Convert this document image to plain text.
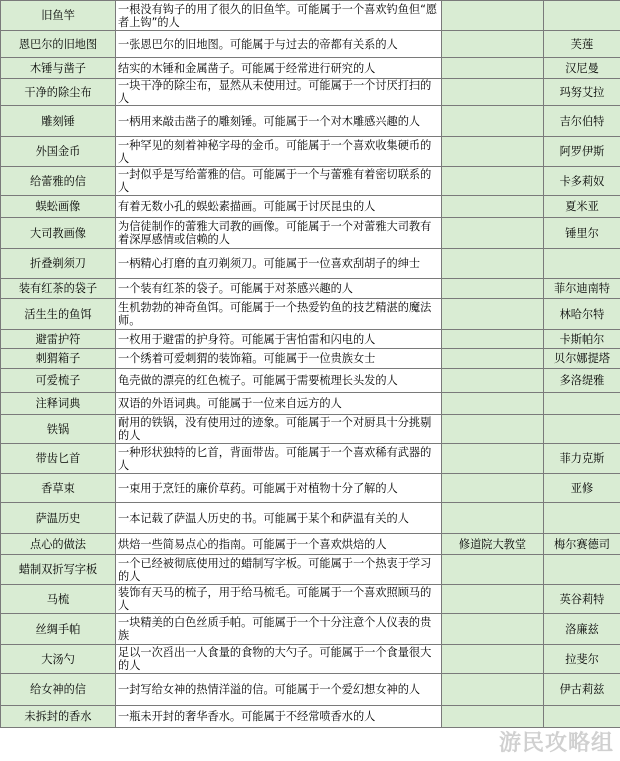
旧鱼竿	一根没有钩子的用了很久的旧鱼竿。可能属于一个喜欢钓鱼但“愿者上钩”的人		
恩巴尔的旧地图	一张恩巴尔的旧地图。可能属于与过去的帝都有关系的人		芙莲
木锤与凿子	结实的木锤和金属凿子。可能属于经常进行研究的人		汉尼曼
干净的除尘布	一块干净的除尘布，显然从未使用过。可能属于一个讨厌打扫的人		玛努艾拉
雕刻锤	一柄用来敲击凿子的雕刻锤。可能属于一个对木雕感兴趣的人		吉尔伯特
外国金币	一种罕见的刻着神秘字母的金币。可能属于一个喜欢收集硬币的人		阿罗伊斯
给蕾雅的信	一封似乎是写给蕾雅的信。可能属于一个与蕾雅有着密切联系的人		卡多莉奴
蜈蚣画像	有着无数小孔的蜈蚣素描画。可能属于讨厌昆虫的人		夏米亚
大司教画像	为信徒制作的蕾雅大司教的画像。可能属于一个对蕾雅大司教有着深厚感情或信赖的人		锤里尔
折叠剃须刀	一柄精心打磨的直刃剃须刀。可能属于一位喜欢刮胡子的绅士		
装有红茶的袋子	一个装有红茶的袋子。可能属于对茶感兴趣的人		菲尔迪南特
活生生的鱼饵	生机勃勃的神奇鱼饵。可能属于一个热爱钓鱼的技艺精湛的魔法师。		林哈尔特
避雷护符	一枚用于避雷的护身符。可能属于害怕雷和闪电的人		卡斯帕尔
刺猬箱子	一个绣着可爱刺猬的装饰箱。可能属于一位贵族女士		贝尔娜提塔
可爱梳子	龟壳做的漂亮的红色梳子。可能属于需要梳理长头发的人		多洛缇雅
注释词典	双语的外语词典。可能属于一位来自远方的人		
铁锅	耐用的铁锅，没有使用过的迹象。可能属于一个对厨具十分挑剔的人		
带齿匕首	一种形状独特的匕首，背面带齿。可能属于一个喜欢稀有武器的人		菲力克斯
香草束	一束用于烹饪的廉价草药。可能属于对植物十分了解的人		亚修
萨温历史	一本记载了萨温人历史的书。可能属于某个和萨温有关的人		
点心的做法	烘焙一些简易点心的指南。可能属于一个喜欢烘焙的人	修道院大教堂	梅尔赛德司
蜡制双折写字板	一个已经被彻底使用过的蜡制写字板。可能属于一个热衷于学习的人		
马梳	装饰有天马的梳子，用于给马梳毛。可能属于一个喜欢照顾马的人		英谷莉特
丝绸手帕	一块精美的白色丝质手帕。可能属于一个十分注意个人仪表的贵族		洛廉兹
大汤勺	足以一次舀出一人食量的食物的大勺子。可能属于一个食量很大的人		拉斐尔
给女神的信	一封写给女神的热情洋溢的信。可能属于一个爱幻想女神的人		伊古莉兹
未拆封的香水	一瓶未开封的奢华香水。可能属于不经常喷香水的人		
游民攻略组
